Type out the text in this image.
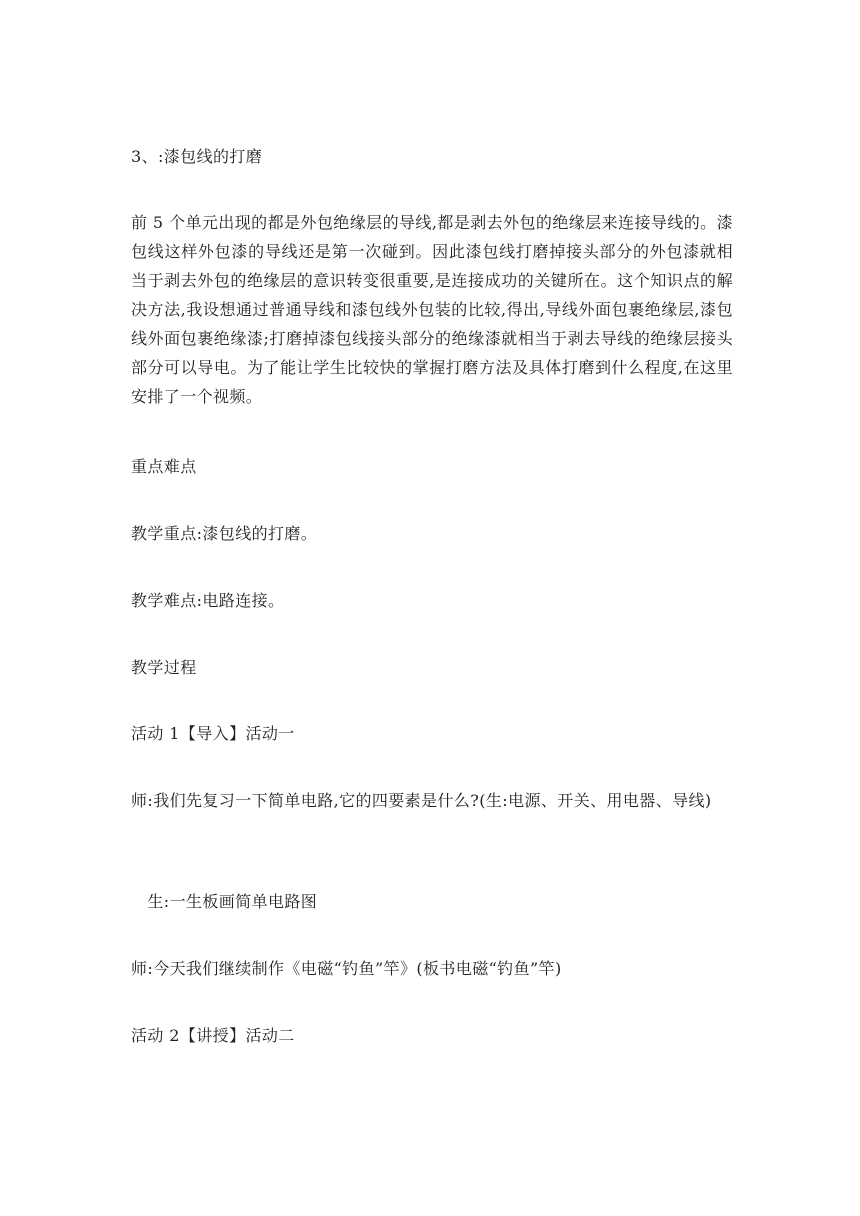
3、:漆包线的打磨

前 5 个单元出现的都是外包绝缘层的导线,都是剥去外包的绝缘层来连接导线的。漆包线这样外包漆的导线还是第一次碰到。因此漆包线打磨掉接头部分的外包漆就相当于剥去外包的绝缘层的意识转变很重要,是连接成功的关键所在。这个知识点的解决方法,我设想通过普通导线和漆包线外包装的比较,得出,导线外面包裹绝缘层,漆包线外面包裹绝缘漆;打磨掉漆包线接头部分的绝缘漆就相当于剥去导线的绝缘层接头部分可以导电。为了能让学生比较快的掌握打磨方法及具体打磨到什么程度,在这里安排了一个视频。

重点难点

教学重点:漆包线的打磨。

教学难点:电路连接。

教学过程

活动 1【导入】活动一

师:我们先复习一下简单电路,它的四要素是什么?(生:电源、开关、用电器、导线)

　生:一生板画简单电路图

师:今天我们继续制作《电磁“钓鱼”竿》(板书电磁“钓鱼”竿)

活动 2【讲授】活动二
